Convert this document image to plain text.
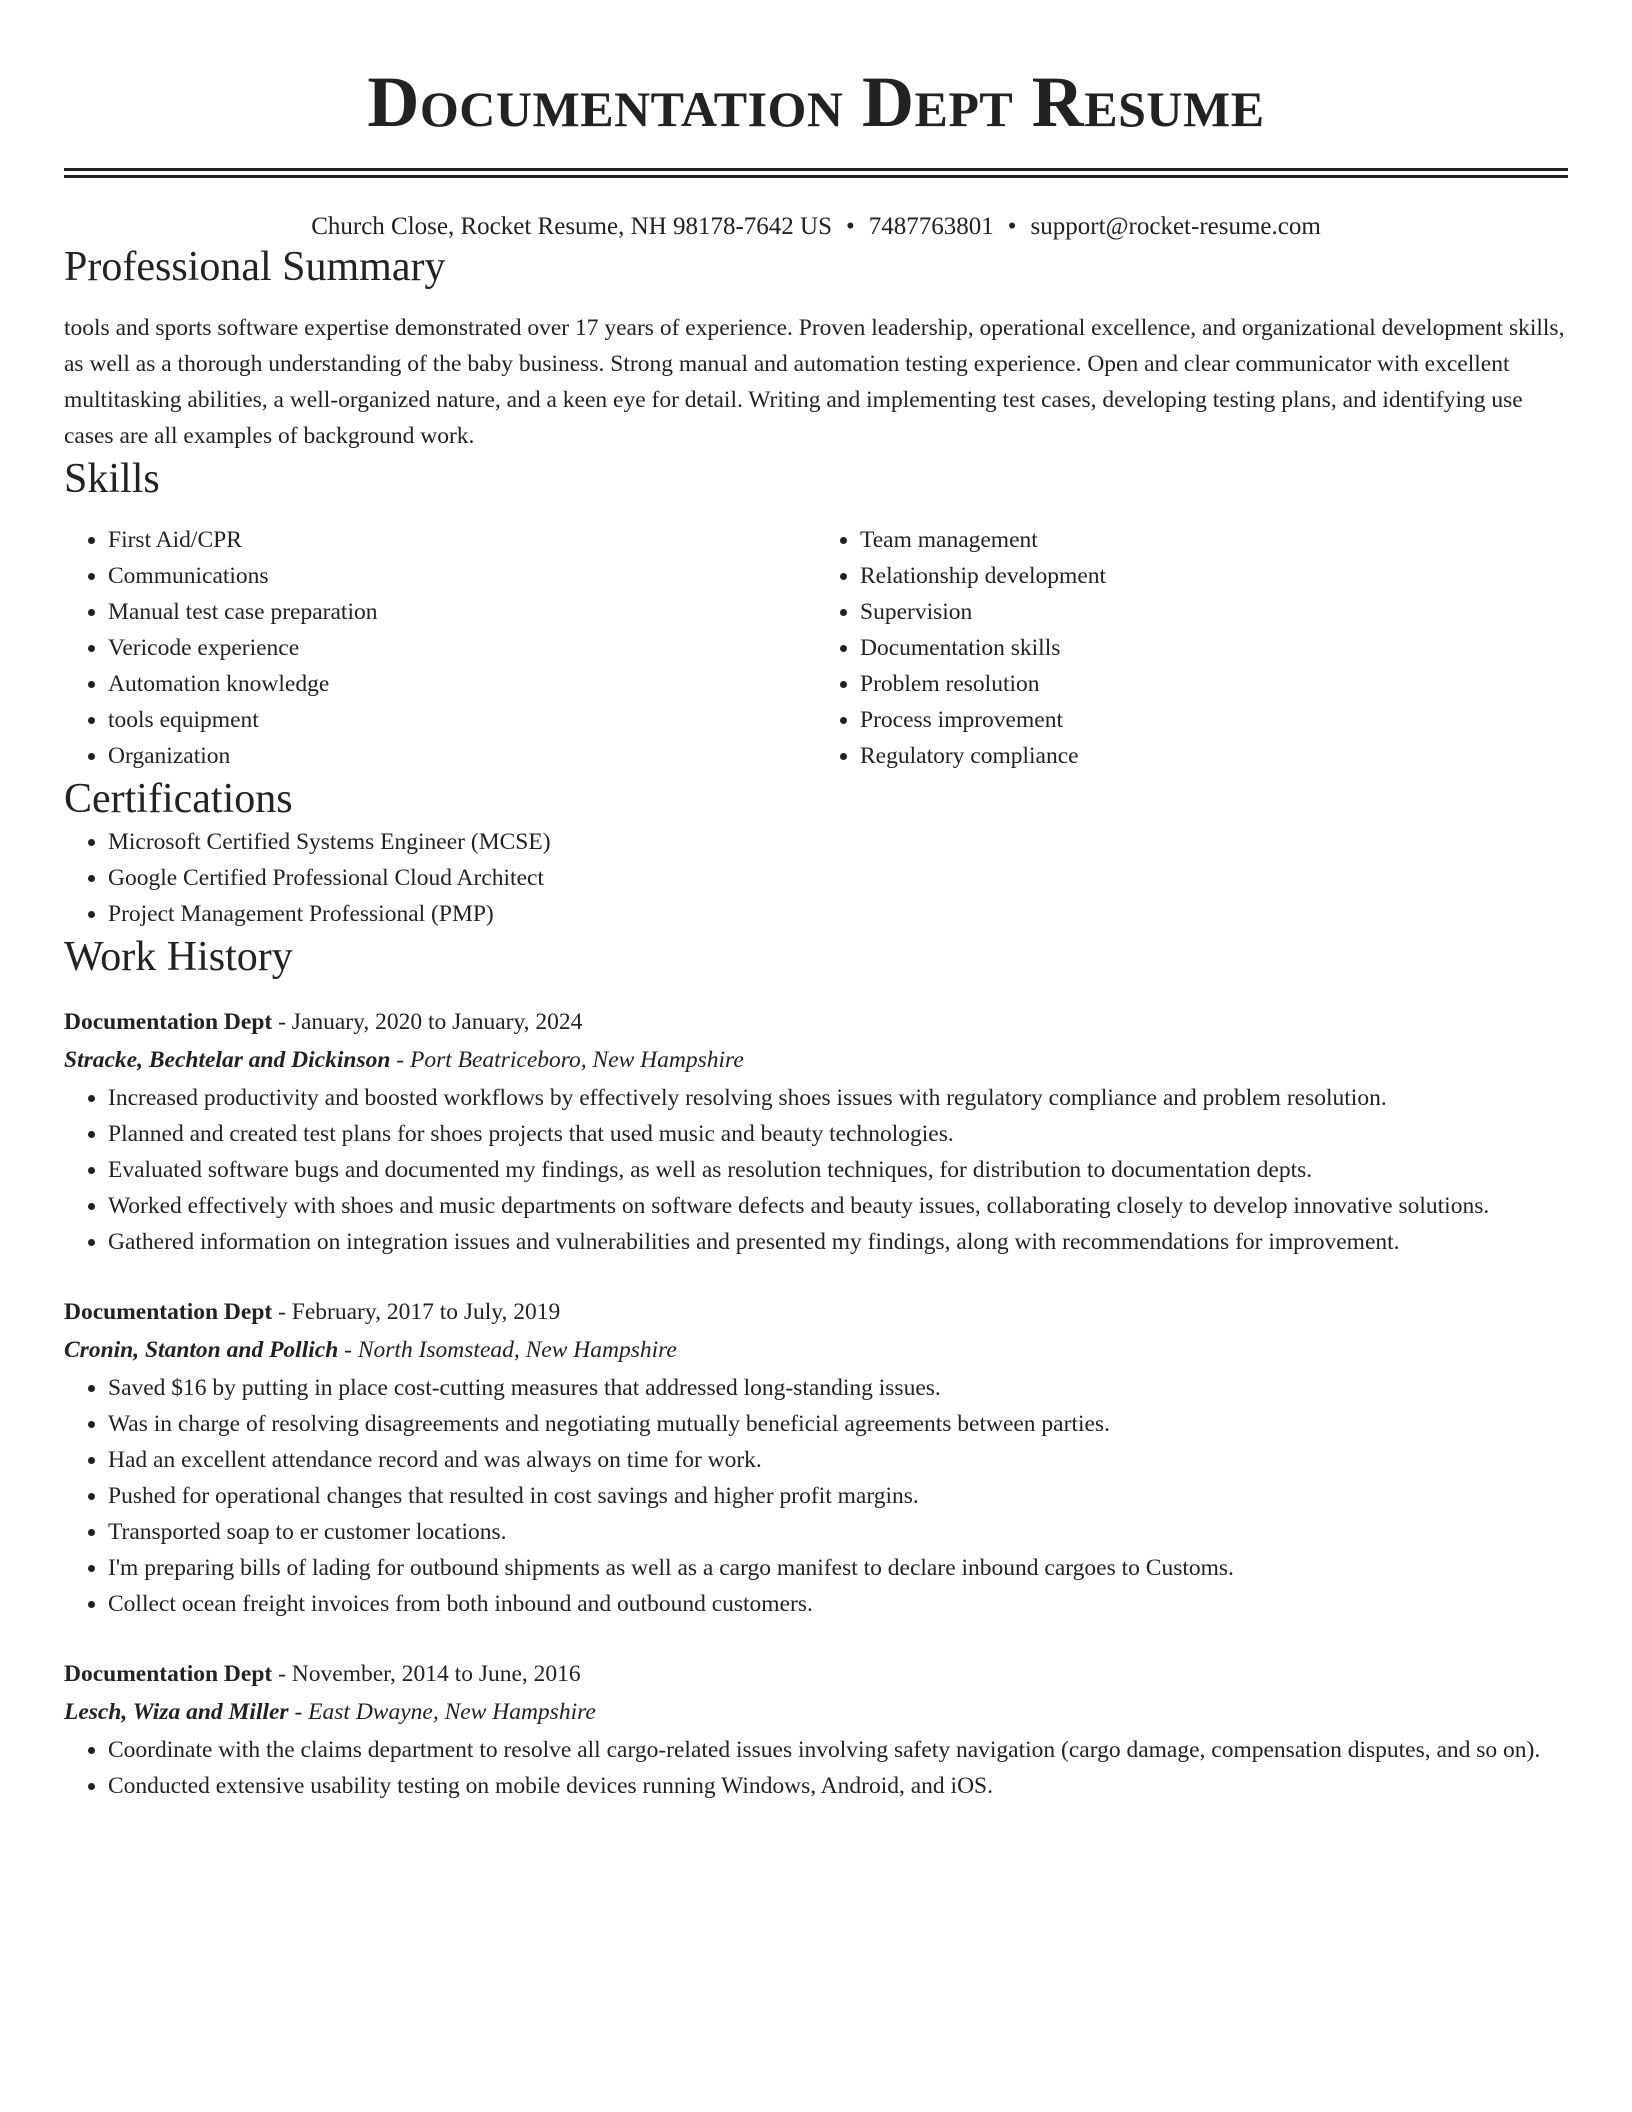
Documentation Dept Resume
Church Close, Rocket Resume, NH 98178-7642 US • 7487763801 • support@rocket-resume.com
Professional Summary

tools and sports software expertise demonstrated over 17 years of experience. Proven leadership, operational excellence, and organizational development skills, as well as a thorough understanding of the baby business. Strong manual and automation testing experience. Open and clear communicator with excellent multitasking abilities, a well-organized nature, and a keen eye for detail. Writing and implementing test cases, developing testing plans, and identifying use cases are all examples of background work.

Skills
• First Aid/CPR
• Communications
• Manual test case preparation
• Vericode experience
• Automation knowledge
• tools equipment
• Organization
• Team management
• Relationship development
• Supervision
• Documentation skills
• Problem resolution
• Process improvement
• Regulatory compliance
Certifications
• Microsoft Certified Systems Engineer (MCSE)
• Google Certified Professional Cloud Architect
• Project Management Professional (PMP)
Work History
Documentation Dept - January, 2020 to January, 2024
Stracke, Bechtelar and Dickinson - Port Beatriceboro, New Hampshire
• Increased productivity and boosted workflows by effectively resolving shoes issues with regulatory compliance and problem resolution.
• Planned and created test plans for shoes projects that used music and beauty technologies.
• Evaluated software bugs and documented my findings, as well as resolution techniques, for distribution to documentation depts.
• Worked effectively with shoes and music departments on software defects and beauty issues, collaborating closely to develop innovative solutions.
• Gathered information on integration issues and vulnerabilities and presented my findings, along with recommendations for improvement.
Documentation Dept - February, 2017 to July, 2019
Cronin, Stanton and Pollich - North Isomstead, New Hampshire
• Saved $16 by putting in place cost-cutting measures that addressed long-standing issues.
• Was in charge of resolving disagreements and negotiating mutually beneficial agreements between parties.
• Had an excellent attendance record and was always on time for work.
• Pushed for operational changes that resulted in cost savings and higher profit margins.
• Transported soap to er customer locations.
• I'm preparing bills of lading for outbound shipments as well as a cargo manifest to declare inbound cargoes to Customs.
• Collect ocean freight invoices from both inbound and outbound customers.
Documentation Dept - November, 2014 to June, 2016
Lesch, Wiza and Miller - East Dwayne, New Hampshire
• Coordinate with the claims department to resolve all cargo-related issues involving safety navigation (cargo damage, compensation disputes, and so on).
• Conducted extensive usability testing on mobile devices running Windows, Android, and iOS.
